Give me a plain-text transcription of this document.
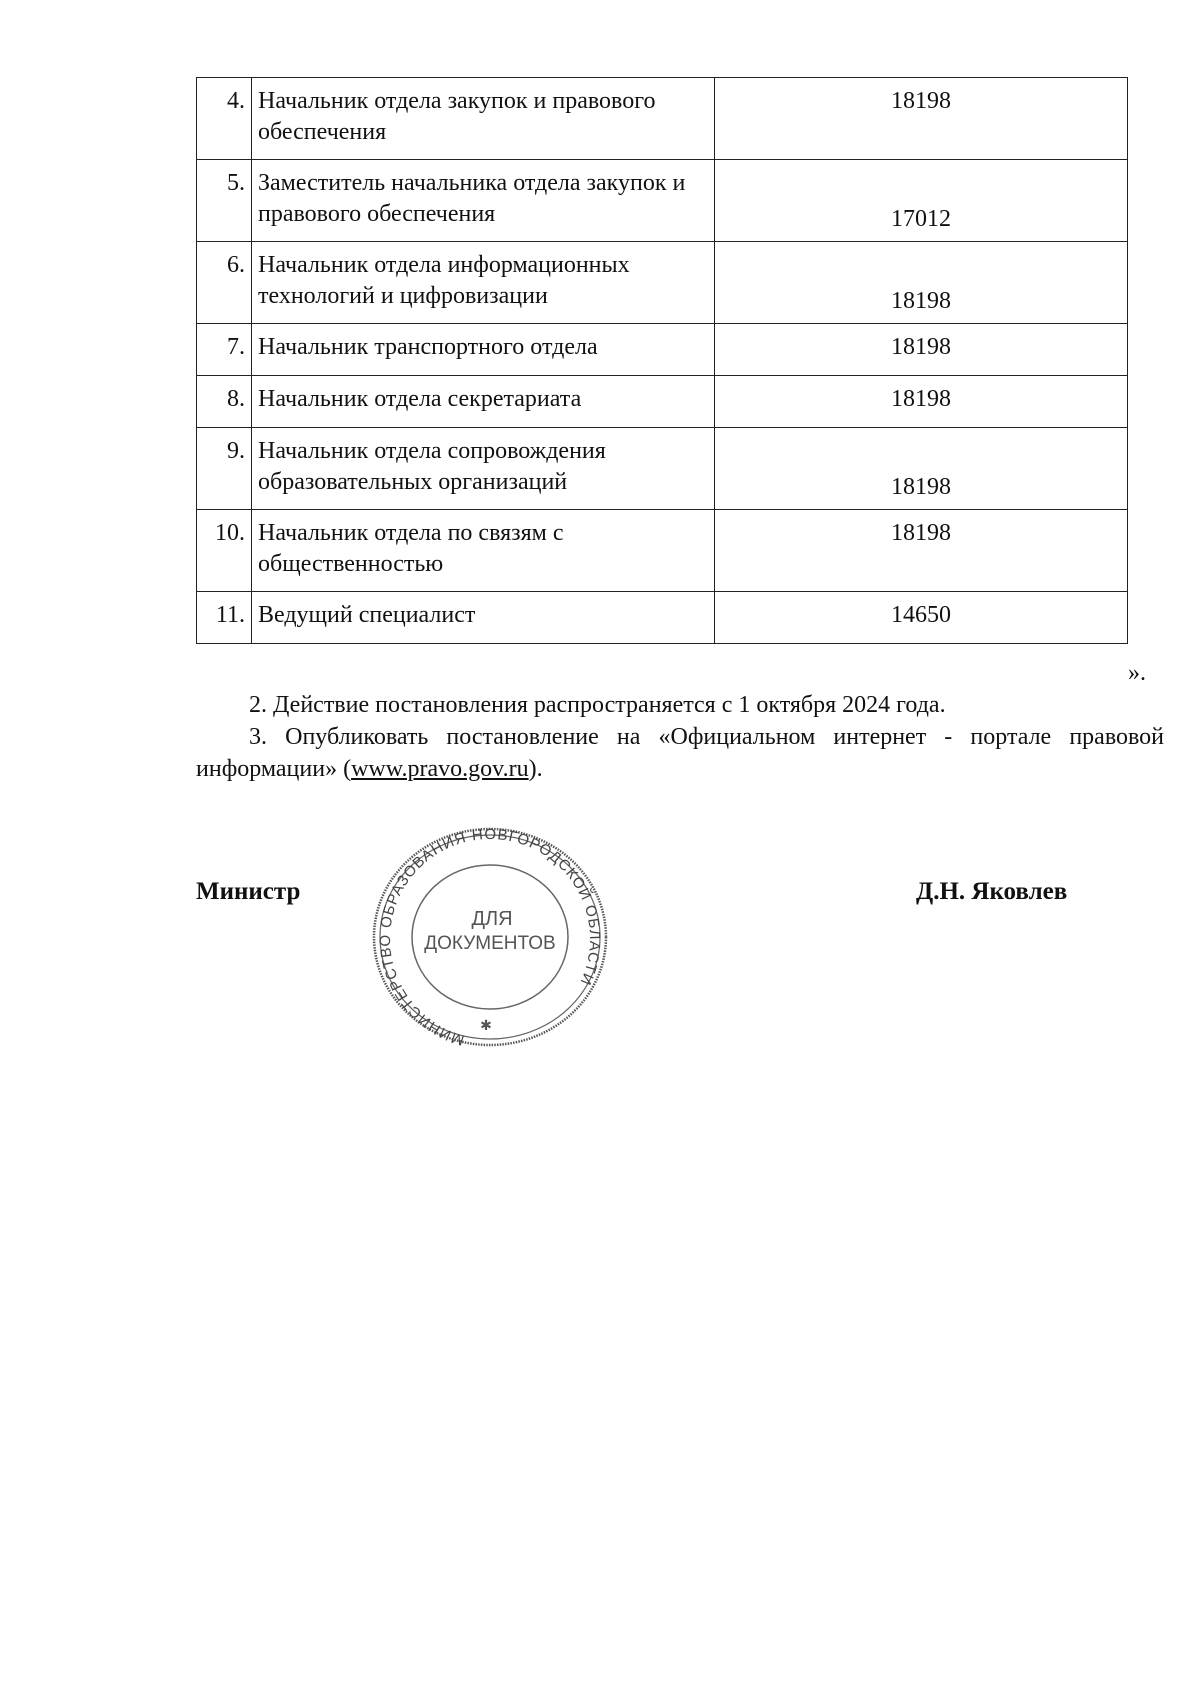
4.	Начальник отдела закупок и правового обеспечения	18198
5.	Заместитель начальника отдела закупок и правового обеспечения	17012
6.	Начальник отдела информационных технологий и цифровизации	18198
7.	Начальник транспортного отдела	18198
8.	Начальник отдела секретариата	18198
9.	Начальник отдела сопровождения образовательных организаций	18198
10.	Начальник отдела по связям с общественностью	18198
11.	Ведущий специалист	14650
».
2. Действие постановления распространяется с 1 октября 2024 года.
3. Опубликовать постановление на «Официальном интернет - портале правовой информации» (www.pravo.gov.ru).
Министр	Д.Н. Яковлев
МИНИСТЕРСТВО ОБРАЗОВАНИЯ НОВГОРОДСКОЙ ОБЛАСТИ
ДЛЯ
ДОКУМЕНТОВ
✱
